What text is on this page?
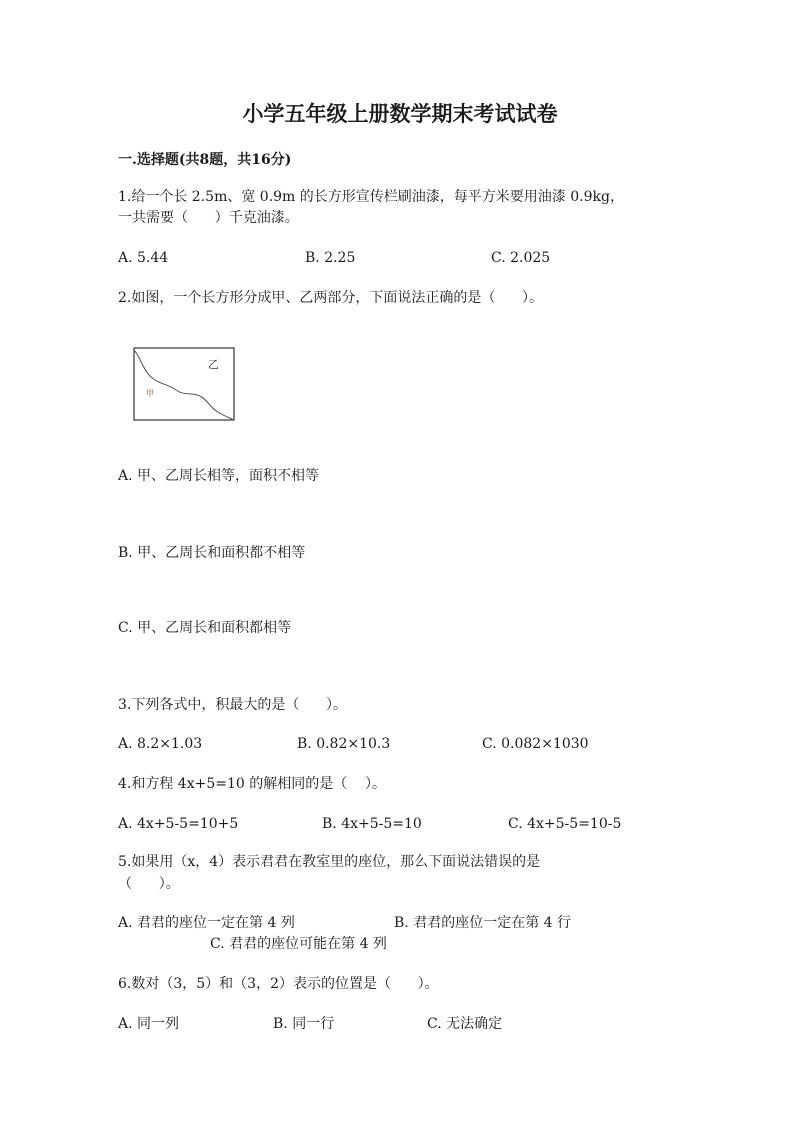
小学五年级上册数学期末考试试卷
一.选择题(共8题，共16分)
1.给一个长 2.5m、宽 0.9m 的长方形宣传栏刷油漆，每平方米要用油漆 0.9kg，
一共需要（      ）千克油漆。
A. 5.44	B. 2.25	C. 2.025
2.如图，一个长方形分成甲、乙两部分，下面说法正确的是（      ）。
乙
甲
A. 甲、乙周长相等，面积不相等
B. 甲、乙周长和面积都不相等
C. 甲、乙周长和面积都相等
3.下列各式中，积最大的是（      ）。
A. 8.2×1.03	B. 0.82×10.3	C. 0.082×1030
4.和方程 4x+5=10 的解相同的是（    ）。
A. 4x+5-5=10+5	B. 4x+5-5=10	C. 4x+5-5=10-5
5.如果用（x，4）表示君君在教室里的座位，那么下面说法错误的是
（      ）。
A. 君君的座位一定在第 4 列	B. 君君的座位一定在第 4 行
C. 君君的座位可能在第 4 列
6.数对（3，5）和（3，2）表示的位置是（      ）。
A. 同一列	B. 同一行	C. 无法确定
